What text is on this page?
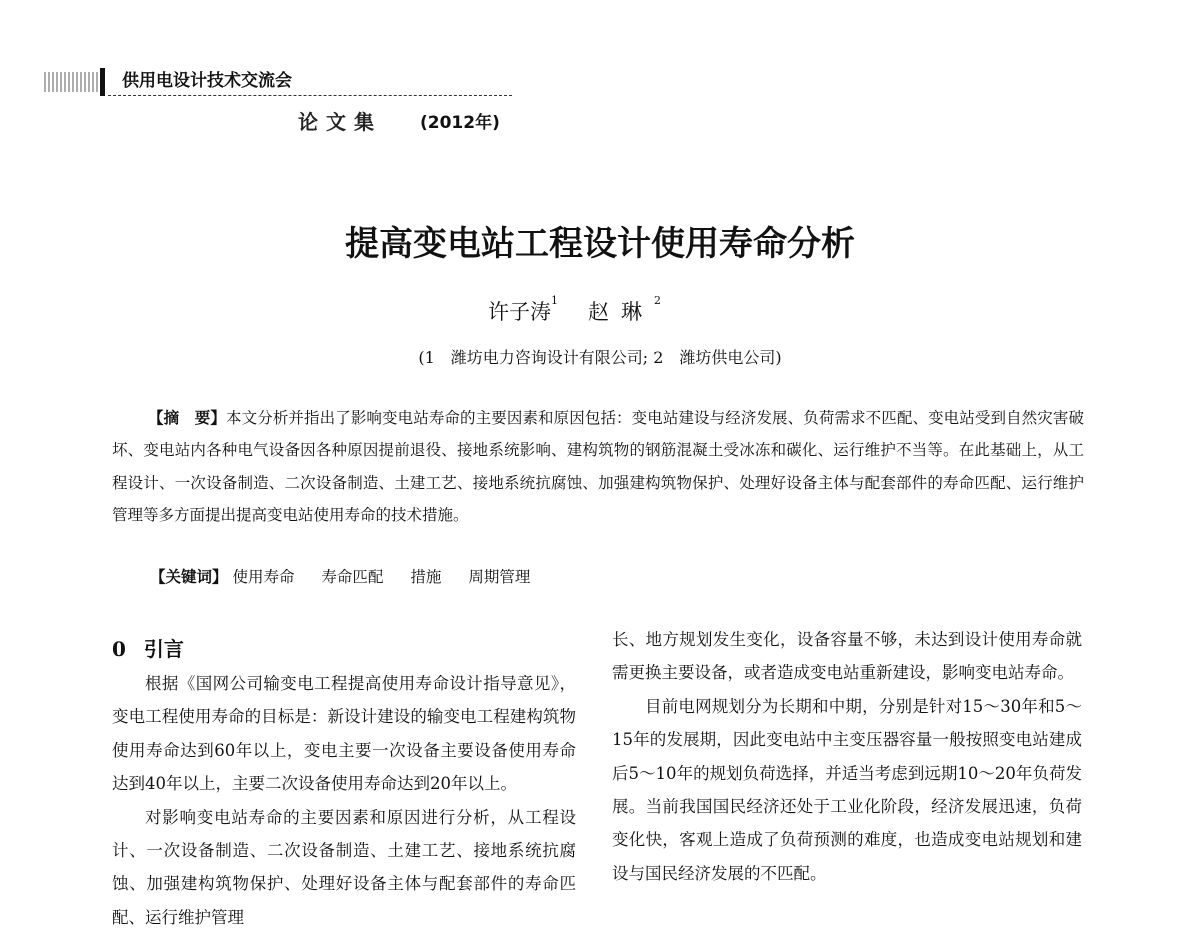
供用电设计技术交流会
论文集 (2012年)
提高变电站工程设计使用寿命分析
许子涛$^1$ 赵琳$^2$
(1　潍坊电力咨询设计有限公司; 2　潍坊供电公司)
【摘　要】本文分析并指出了影响变电站寿命的主要因素和原因包括：变电站建设与经济发展、负荷需求不匹配、变电站受到自然灾害破坏、变电站内各种电气设备因各种原因提前退役、接地系统影响、建构筑物的钢筋混凝土受冰冻和碳化、运行维护不当等。在此基础上，从工程设计、一次设备制造、二次设备制造、土建工艺、接地系统抗腐蚀、加强建构筑物保护、处理好设备主体与配套部件的寿命匹配、运行维护管理等多方面提出提高变电站使用寿命的技术措施。
【关键词】 使用寿命 寿命匹配 措施 周期管理
0 引言

根据《国网公司输变电工程提高使用寿命设计指导意见》，变电工程使用寿命的目标是：新设计建设的输变电工程建构筑物使用寿命达到60年以上，变电主要一次设备主要设备使用寿命达到40年以上，主要二次设备使用寿命达到20年以上。

对影响变电站寿命的主要因素和原因进行分析，从工程设计、一次设备制造、二次设备制造、土建工艺、接地系统抗腐蚀、加强建构筑物保护、处理好设备主体与配套部件的寿命匹配、运行维护管理

长、地方规划发生变化，设备容量不够，未达到设计使用寿命就需更换主要设备，或者造成变电站重新建设，影响变电站寿命。

目前电网规划分为长期和中期，分别是针对15～30年和5～15年的发展期，因此变电站中主变压器容量一般按照变电站建成后5～10年的规划负荷选择，并适当考虑到远期10～20年负荷发展。当前我国国民经济还处于工业化阶段，经济发展迅速，负荷变化快，客观上造成了负荷预测的难度，也造成变电站规划和建设与国民经济发展的不匹配。
